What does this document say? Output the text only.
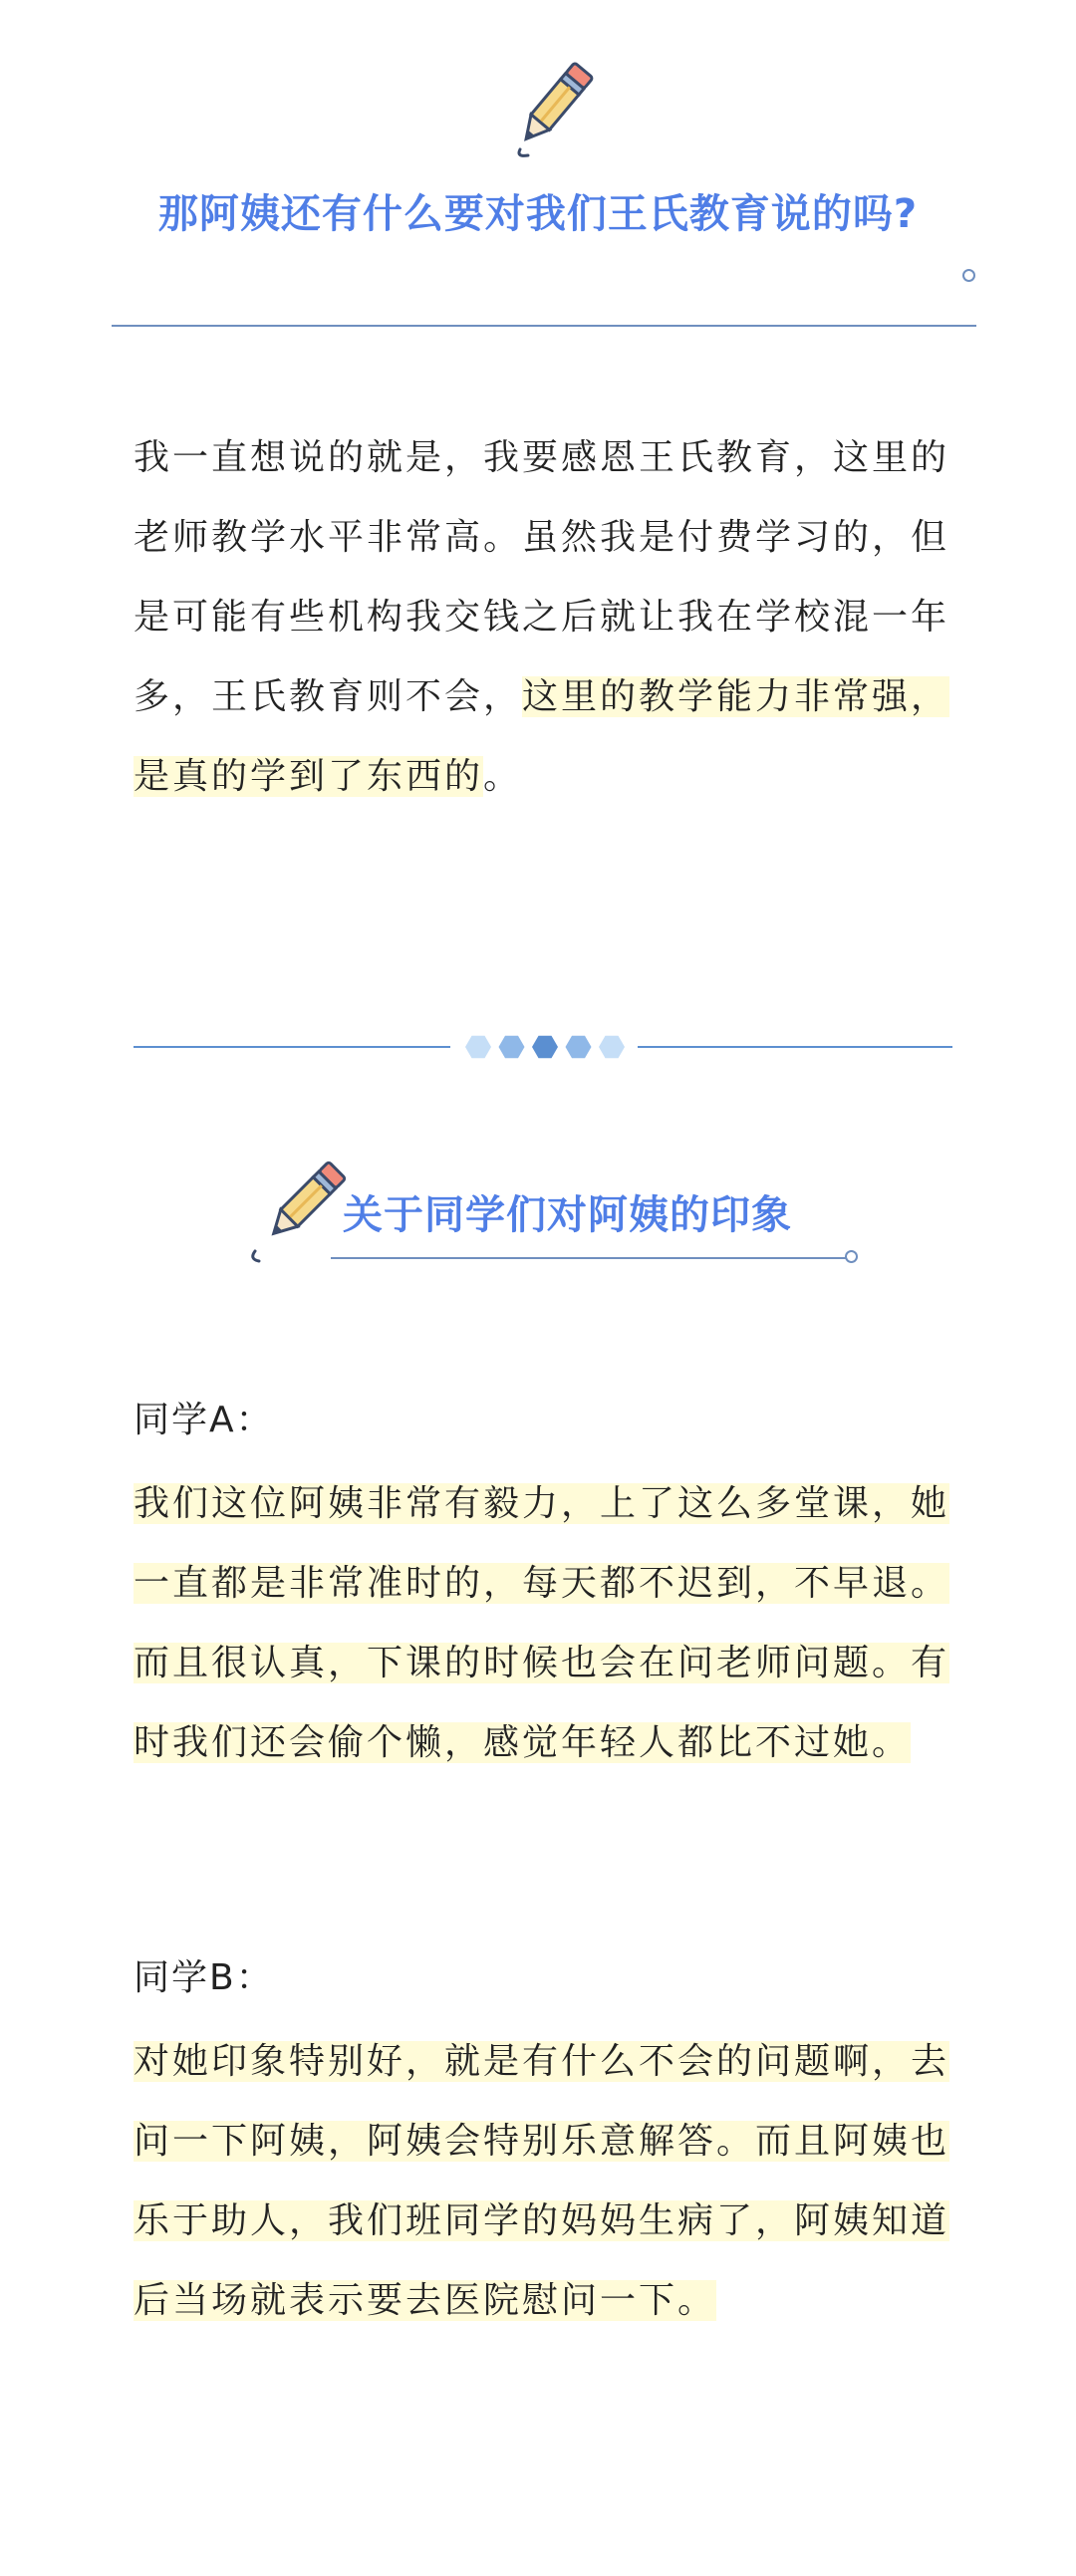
那阿姨还有什么要对我们王氏教育说的吗?

我一直想说的就是，我要感恩王氏教育，这里的老师教学水平非常高。虽然我是付费学习的，但是可能有些机构我交钱之后就让我在学校混一年多，王氏教育则不会，这里的教学能力非常强，是真的学到了东西的。

关于同学们对阿姨的印象
同学A：

我们这位阿姨非常有毅力，上了这么多堂课，她一直都是非常准时的，每天都不迟到，不早退。而且很认真，下课的时候也会在问老师问题。有时我们还会偷个懒，感觉年轻人都比不过她。

同学B：

对她印象特别好，就是有什么不会的问题啊，去问一下阿姨，阿姨会特别乐意解答。而且阿姨也乐于助人，我们班同学的妈妈生病了，阿姨知道后当场就表示要去医院慰问一下。
